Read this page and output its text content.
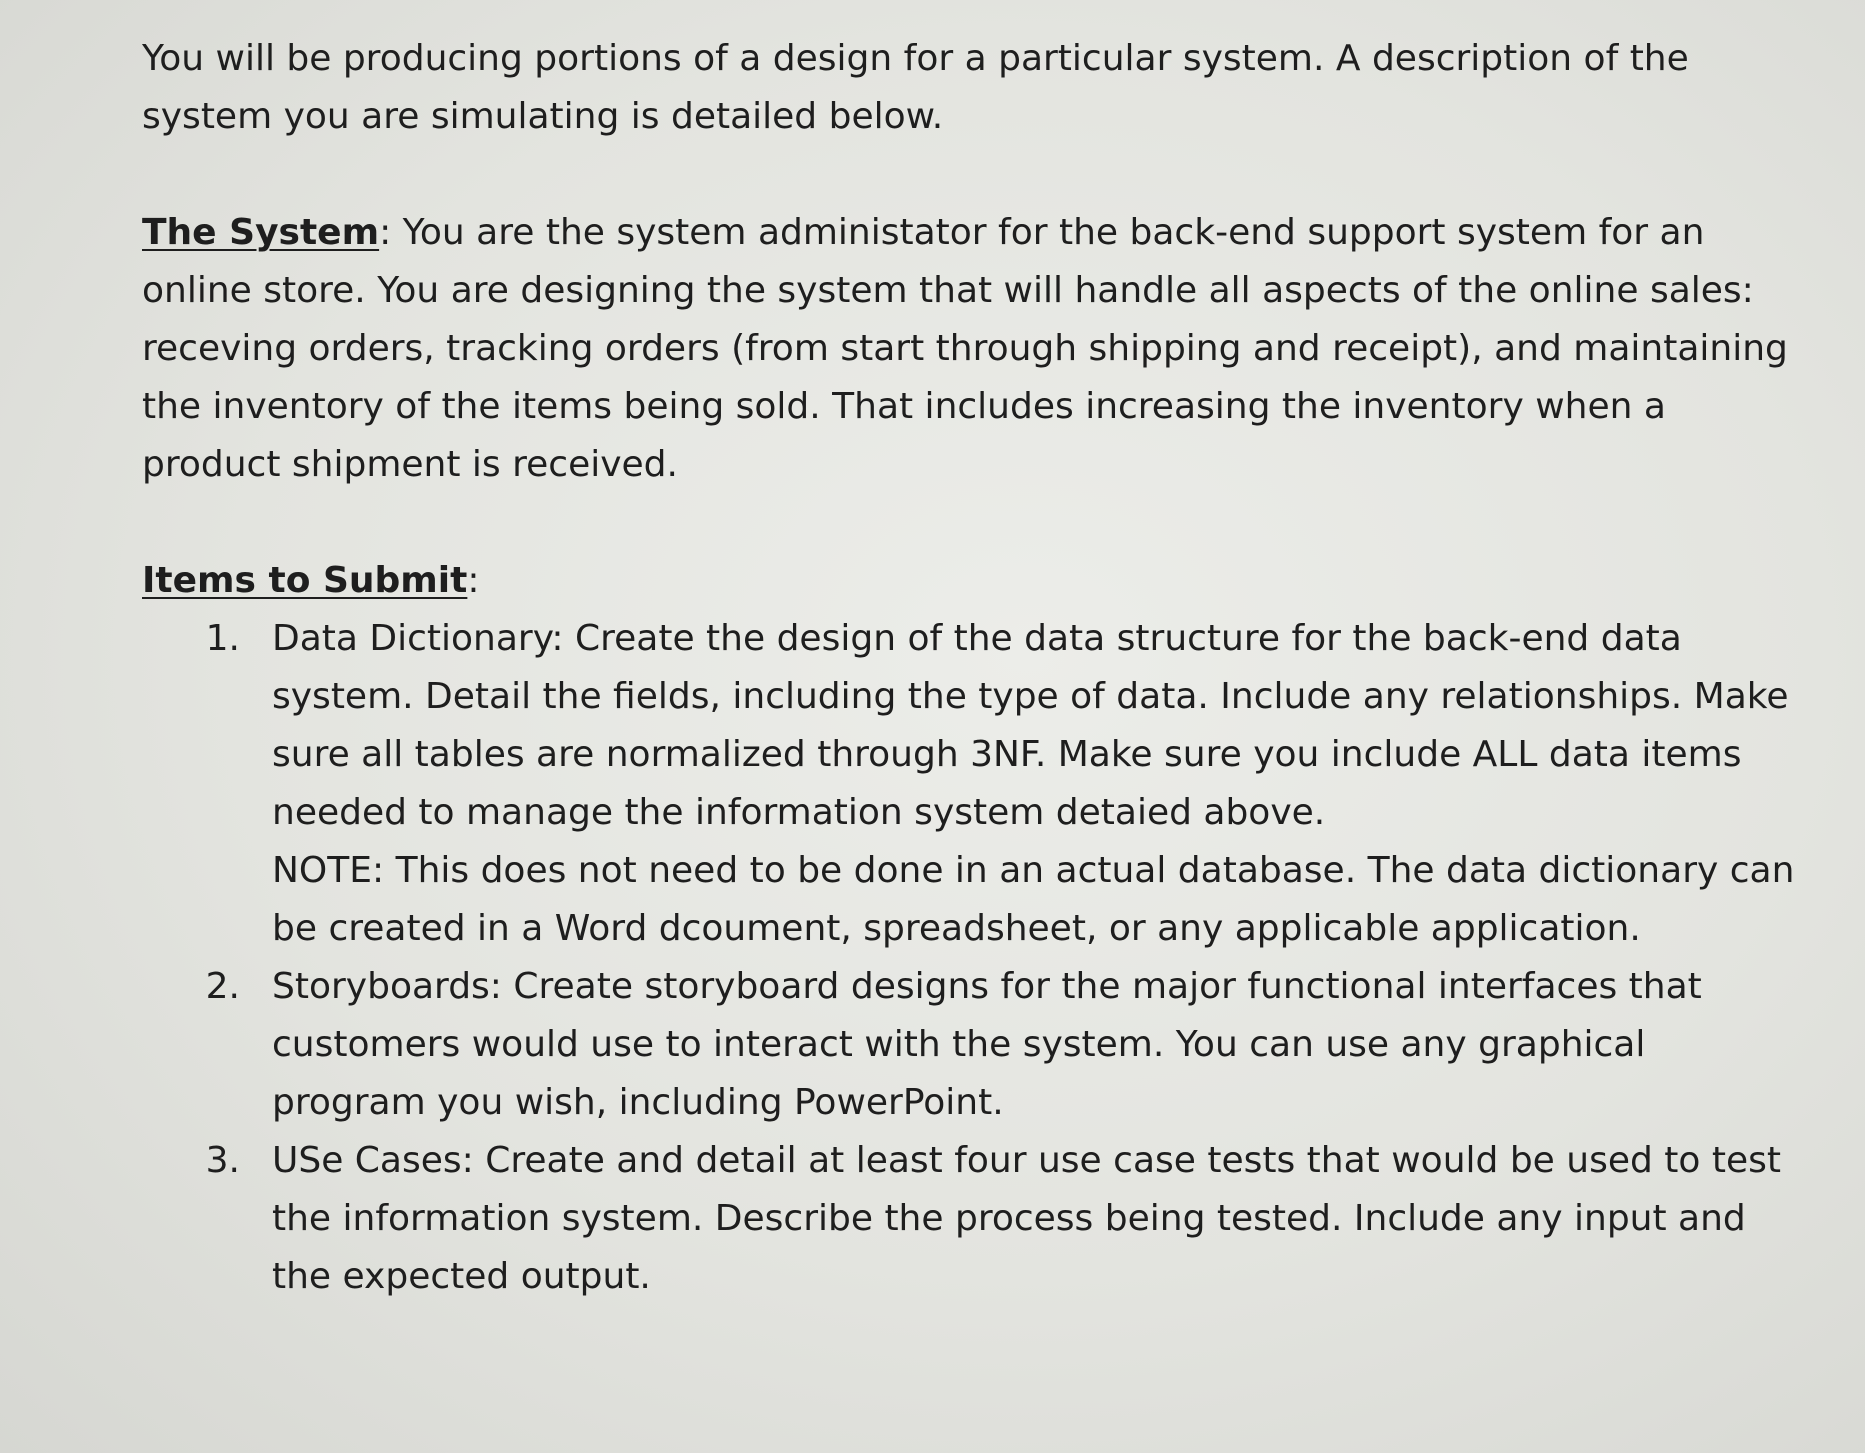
You will be producing portions of a design for a particular system. A description of the system you are simulating is detailed below.

The System: You are the system administator for the back-end support system for an online store. You are designing the system that will handle all aspects of the online sales: receving orders, tracking orders (from start through shipping and receipt), and maintaining the inventory of the items being sold. That includes increasing the inventory when a product shipment is received.

Items to Submit:

1. Data Dictionary: Create the design of the data structure for the back-end data system. Detail the fields, including the type of data. Include any relationships. Make sure all tables are normalized through 3NF. Make sure you include ALL data items needed to manage the information system detaied above.
NOTE: This does not need to be done in an actual database. The data dictionary can be created in a Word dcoument, spreadsheet, or any applicable application.
2. Storyboards: Create storyboard designs for the major functional interfaces that customers would use to interact with the system. You can use any graphical program you wish, including PowerPoint.
3. USe Cases: Create and detail at least four use case tests that would be used to test the information system. Describe the process being tested. Include any input and the expected output.
